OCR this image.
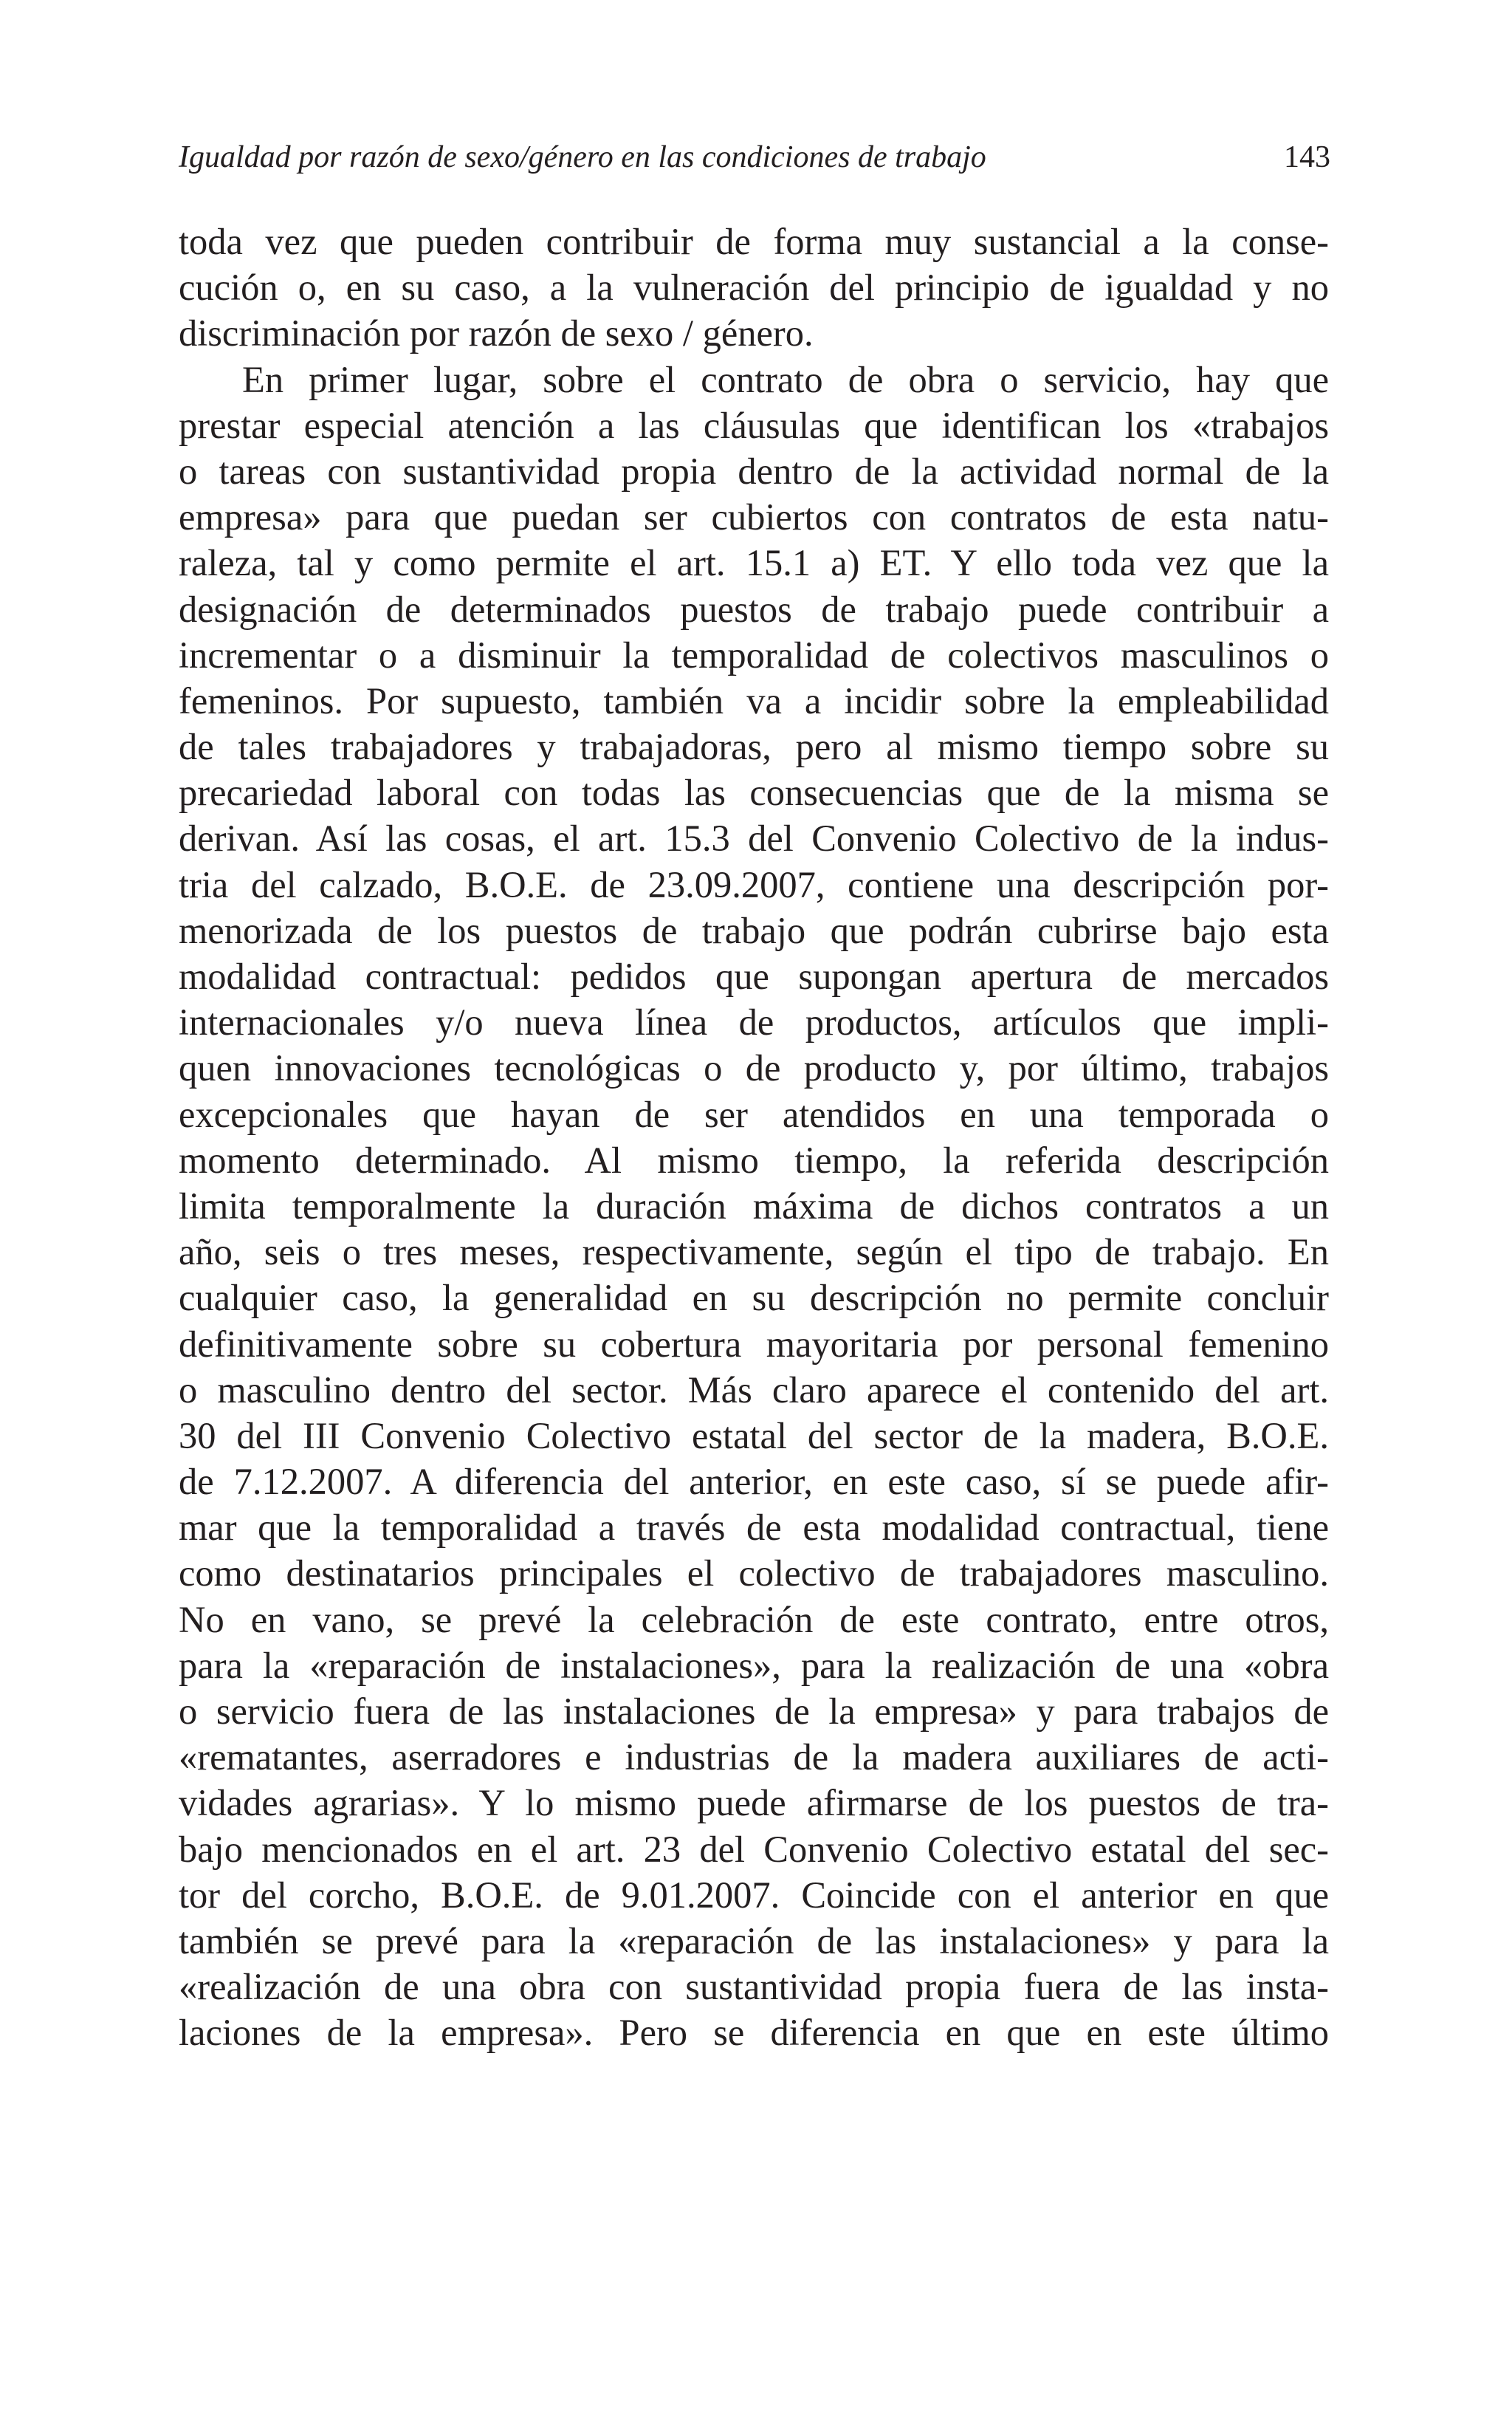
Igualdad por razón de sexo/género en las condiciones de trabajo	143
toda vez que pueden contribuir de forma muy sustancial a la conse-
cución o, en su caso, a la vulneración del principio de igualdad y no
discriminación por razón de sexo / género.
En primer lugar, sobre el contrato de obra o servicio, hay que
prestar especial atención a las cláusulas que identifican los «trabajos
o tareas con sustantividad propia dentro de la actividad normal de la
empresa» para que puedan ser cubiertos con contratos de esta natu-
raleza, tal y como permite el art. 15.1 a) ET. Y ello toda vez que la
designación de determinados puestos de trabajo puede contribuir a
incrementar o a disminuir la temporalidad de colectivos masculinos o
femeninos. Por supuesto, también va a incidir sobre la empleabilidad
de tales trabajadores y trabajadoras, pero al mismo tiempo sobre su
precariedad laboral con todas las consecuencias que de la misma se
derivan. Así las cosas, el art. 15.3 del Convenio Colectivo de la indus-
tria del calzado, B.O.E. de 23.09.2007, contiene una descripción por-
menorizada de los puestos de trabajo que podrán cubrirse bajo esta
modalidad contractual: pedidos que supongan apertura de mercados
internacionales y/o nueva línea de productos, artículos que impli-
quen innovaciones tecnológicas o de producto y, por último, trabajos
excepcionales que hayan de ser atendidos en una temporada o
momento determinado. Al mismo tiempo, la referida descripción
limita temporalmente la duración máxima de dichos contratos a un
año, seis o tres meses, respectivamente, según el tipo de trabajo. En
cualquier caso, la generalidad en su descripción no permite concluir
definitivamente sobre su cobertura mayoritaria por personal femenino
o masculino dentro del sector. Más claro aparece el contenido del art.
30 del III Convenio Colectivo estatal del sector de la madera, B.O.E.
de 7.12.2007. A diferencia del anterior, en este caso, sí se puede afir-
mar que la temporalidad a través de esta modalidad contractual, tiene
como destinatarios principales el colectivo de trabajadores masculino.
No en vano, se prevé la celebración de este contrato, entre otros,
para la «reparación de instalaciones», para la realización de una «obra
o servicio fuera de las instalaciones de la empresa» y para trabajos de
«rematantes, aserradores e industrias de la madera auxiliares de acti-
vidades agrarias». Y lo mismo puede afirmarse de los puestos de tra-
bajo mencionados en el art. 23 del Convenio Colectivo estatal del sec-
tor del corcho, B.O.E. de 9.01.2007. Coincide con el anterior en que
también se prevé para la «reparación de las instalaciones» y para la
«realización de una obra con sustantividad propia fuera de las insta-
laciones de la empresa». Pero se diferencia en que en este último
